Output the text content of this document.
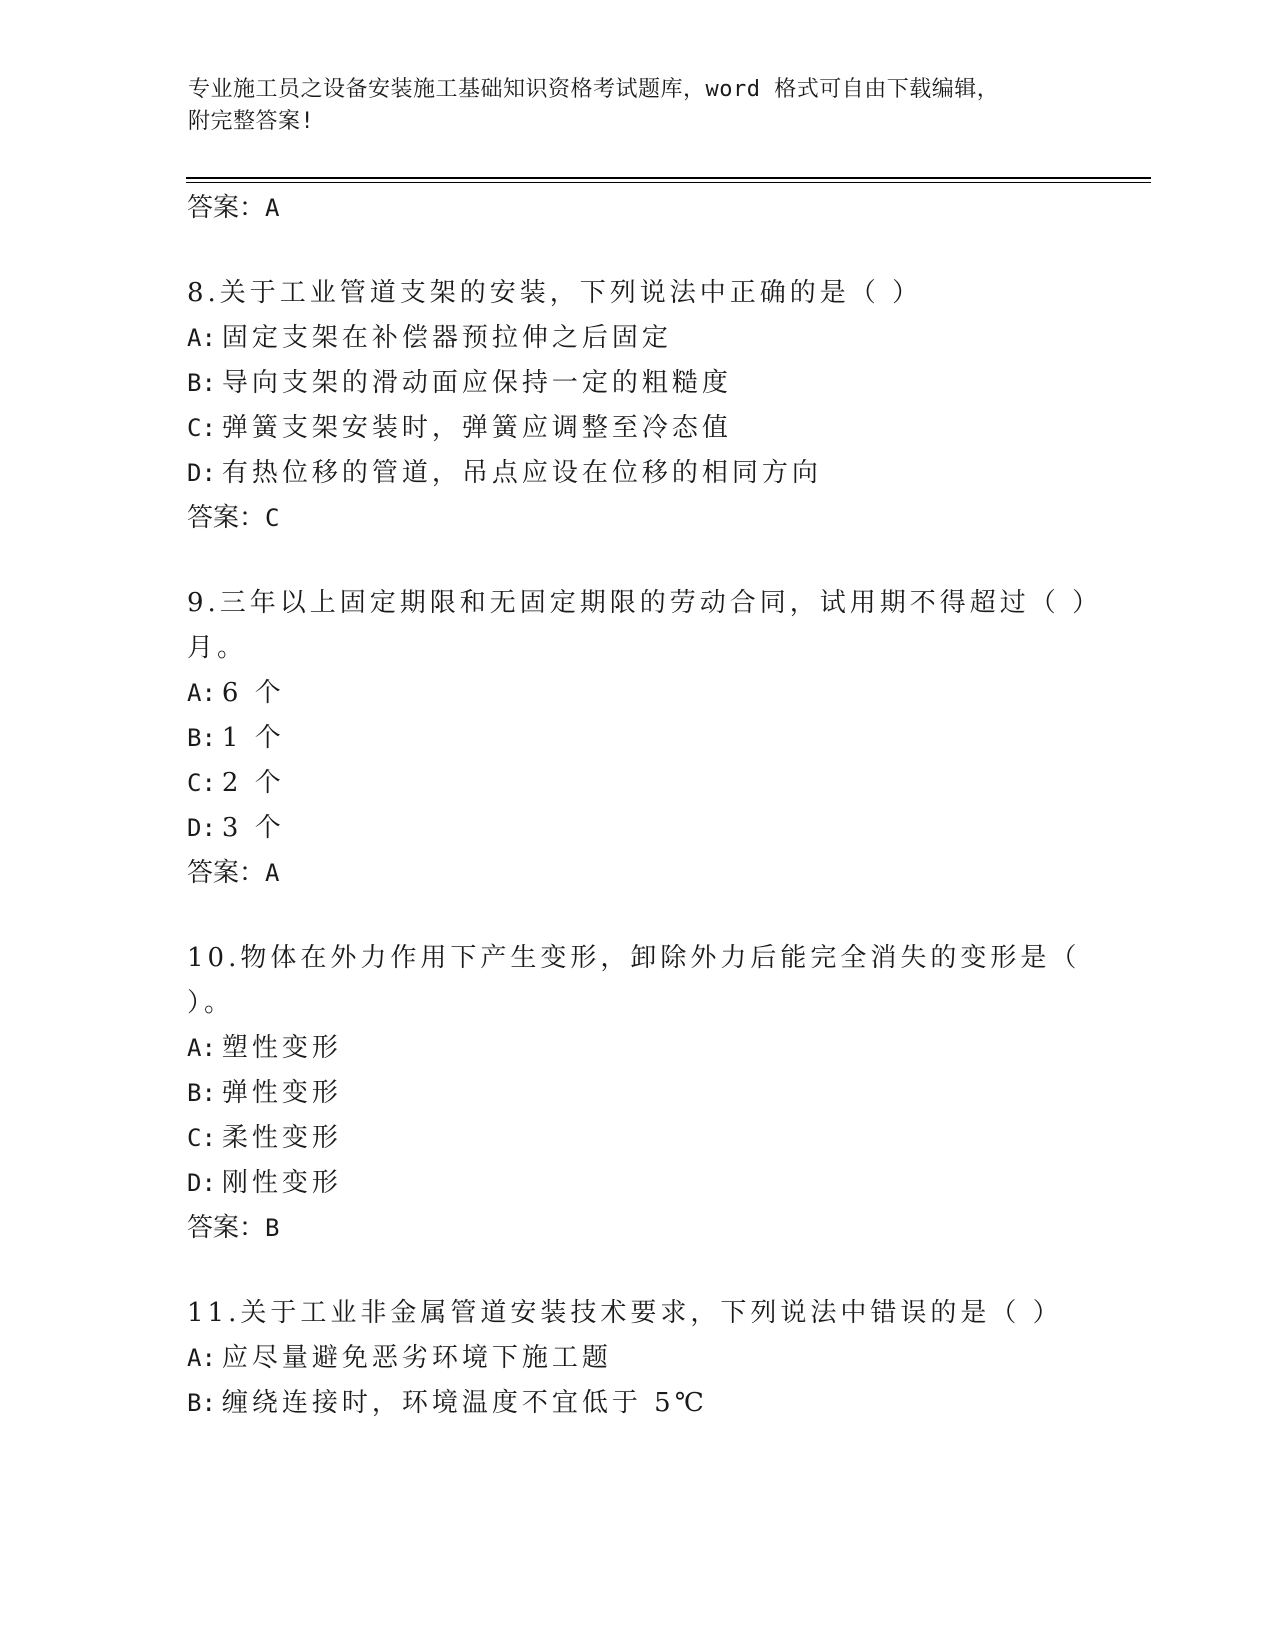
专业施工员之设备安装施工基础知识资格考试题库，word 格式可自由下载编辑，
附完整答案!
答案：A
8.关于工业管道支架的安装，下列说法中正确的是（ ）
A: 固定支架在补偿器预拉伸之后固定
B: 导向支架的滑动面应保持一定的粗糙度
C: 弹簧支架安装时，弹簧应调整至冷态值
D: 有热位移的管道，吊点应设在位移的相同方向
答案：C
9.三年以上固定期限和无固定期限的劳动合同，试用期不得超过（ ）
月。
A: 6 个
B: 1 个
C: 2 个
D: 3 个
答案：A
10.物体在外力作用下产生变形，卸除外力后能完全消失的变形是（
）。
A: 塑性变形
B: 弹性变形
C: 柔性变形
D: 刚性变形
答案：B
11.关于工业非金属管道安装技术要求，下列说法中错误的是（ ）
A: 应尽量避免恶劣环境下施工题
B: 缠绕连接时，环境温度不宜低于 5℃
